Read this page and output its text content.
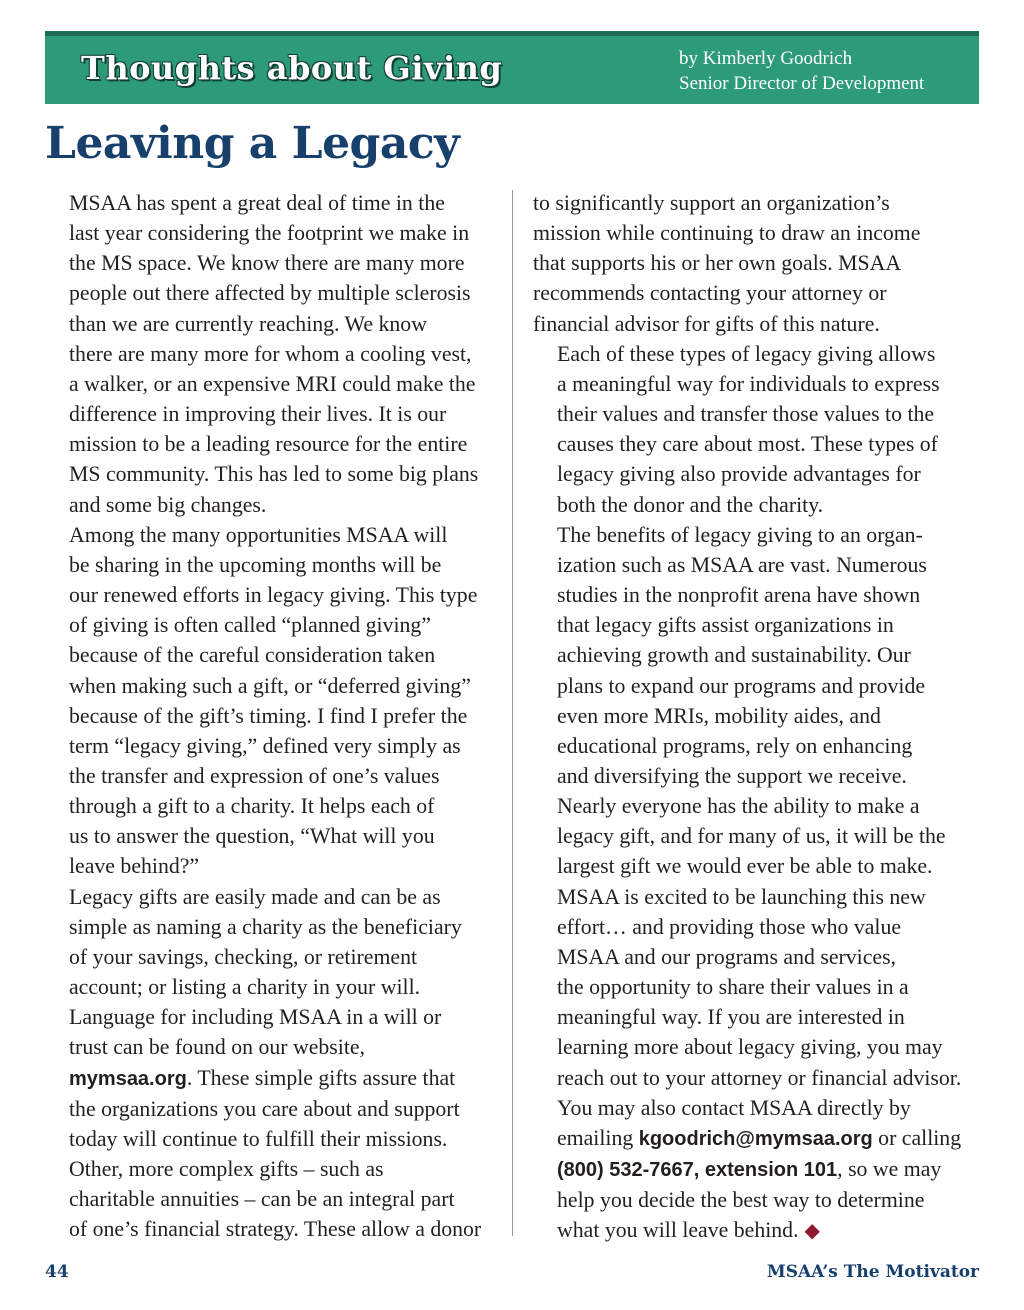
Thoughts about Giving	by Kimberly Goodrich
Senior Director of Development
Leaving a Legacy

MSAA has spent a great deal of time in the
last year considering the footprint we make in
the MS space. We know there are many more
people out there affected by multiple sclerosis
than we are currently reaching. We know
there are many more for whom a cooling vest,
a walker, or an expensive MRI could make the
difference in improving their lives. It is our
mission to be a leading resource for the entire
MS community. This has led to some big plans
and some big changes.

Among the many opportunities MSAA will
be sharing in the upcoming months will be
our renewed efforts in legacy giving. This type
of giving is often called “planned giving”
because of the careful consideration taken
when making such a gift, or “deferred giving”
because of the gift’s timing. I find I prefer the
term “legacy giving,” defined very simply as
the transfer and expression of one’s values
through a gift to a charity. It helps each of
us to answer the question, “What will you
leave behind?”

Legacy gifts are easily made and can be as
simple as naming a charity as the beneficiary
of your savings, checking, or retirement
account; or listing a charity in your will.
Language for including MSAA in a will or
trust can be found on our website,
mymsaa.org. These simple gifts assure that
the organizations you care about and support
today will continue to fulfill their missions.

Other, more complex gifts – such as
charitable annuities – can be an integral part
of one’s financial strategy. These allow a donor

to significantly support an organization’s
mission while continuing to draw an income
that supports his or her own goals. MSAA
recommends contacting your attorney or
financial advisor for gifts of this nature.

Each of these types of legacy giving allows
a meaningful way for individuals to express
their values and transfer those values to the
causes they care about most. These types of
legacy giving also provide advantages for
both the donor and the charity.

The benefits of legacy giving to an organ-
ization such as MSAA are vast. Numerous
studies in the nonprofit arena have shown
that legacy gifts assist organizations in
achieving growth and sustainability. Our
plans to expand our programs and provide
even more MRIs, mobility aides, and
educational programs, rely on enhancing
and diversifying the support we receive.

Nearly everyone has the ability to make a
legacy gift, and for many of us, it will be the
largest gift we would ever be able to make.
MSAA is excited to be launching this new
effort… and providing those who value
MSAA and our programs and services,
the opportunity to share their values in a
meaningful way. If you are interested in
learning more about legacy giving, you may
reach out to your attorney or financial advisor.
You may also contact MSAA directly by
emailing kgoodrich@mymsaa.org or calling
(800) 532-7667, extension 101, so we may
help you decide the best way to determine
what you will leave behind. ◆

44	MSAA’s The Motivator
